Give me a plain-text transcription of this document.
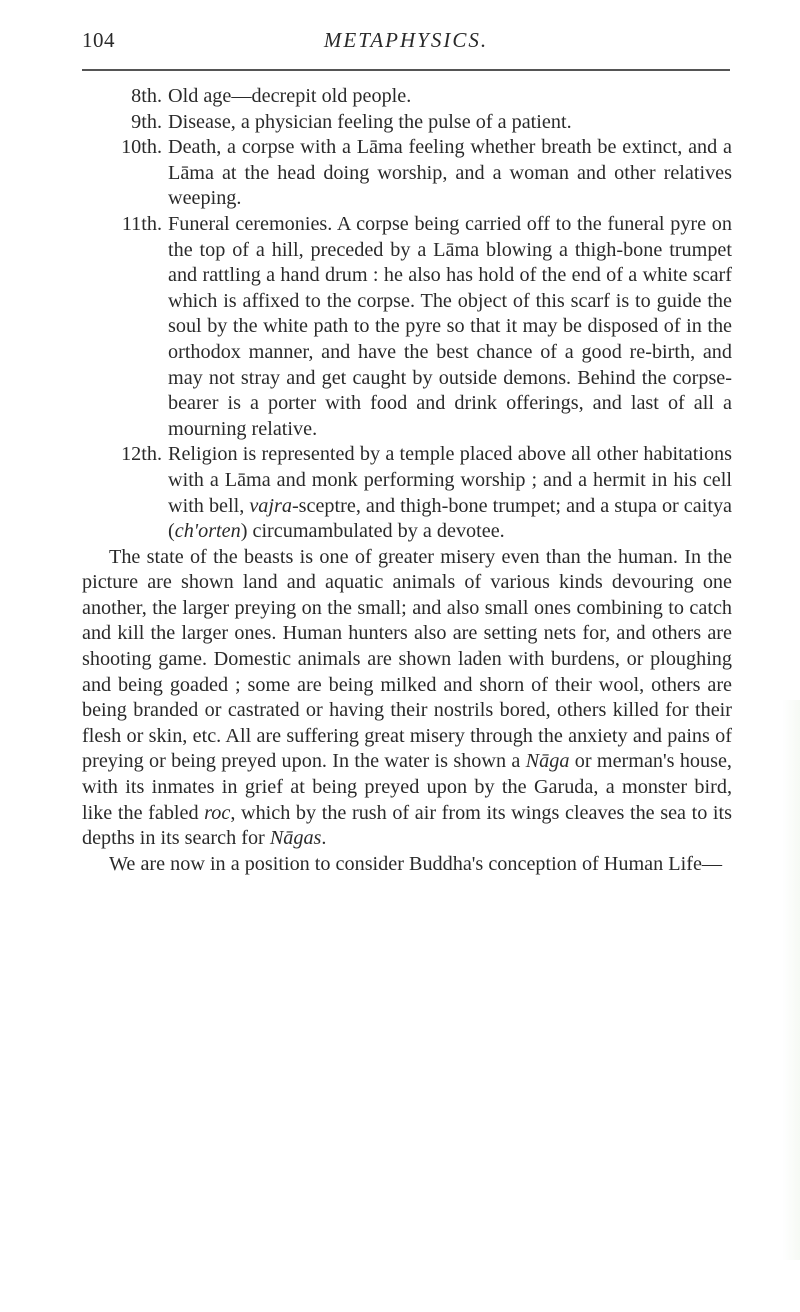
104	METAPHYSICS.
8th. Old age—decrepit old people.
9th. Disease, a physician feeling the pulse of a patient.
10th. Death, a corpse with a Lāma feeling whether breath be extinct, and a Lāma at the head doing worship, and a woman and other relatives weeping.
11th. Funeral ceremonies. A corpse being carried off to the funeral pyre on the top of a hill, preceded by a Lāma blowing a thigh-bone trumpet and rattling a hand drum : he also has hold of the end of a white scarf which is affixed to the corpse. The object of this scarf is to guide the soul by the white path to the pyre so that it may be disposed of in the orthodox manner, and have the best chance of a good re-birth, and may not stray and get caught by outside demons. Behind the corpse-bearer is a porter with food and drink offerings, and last of all a mourning relative.
12th. Religion is represented by a temple placed above all other habitations with a Lāma and monk performing worship ; and a hermit in his cell with bell, vajra-sceptre, and thigh-bone trumpet; and a stupa or caitya (ch'orten) circumambulated by a devotee.
The state of the beasts is one of greater misery even than the human. In the picture are shown land and aquatic animals of various kinds devouring one another, the larger preying on the small; and also small ones combining to catch and kill the larger ones. Human hunters also are setting nets for, and others are shooting game. Domestic animals are shown laden with burdens, or ploughing and being goaded ; some are being milked and shorn of their wool, others are being branded or castrated or having their nostrils bored, others killed for their flesh or skin, etc. All are suffering great misery through the anxiety and pains of preying or being preyed upon. In the water is shown a Nāga or merman's house, with its inmates in grief at being preyed upon by the Garuda, a monster bird, like the fabled roc, which by the rush of air from its wings cleaves the sea to its depths in its search for Nāgas.
We are now in a position to consider Buddha's conception of Human Life—
